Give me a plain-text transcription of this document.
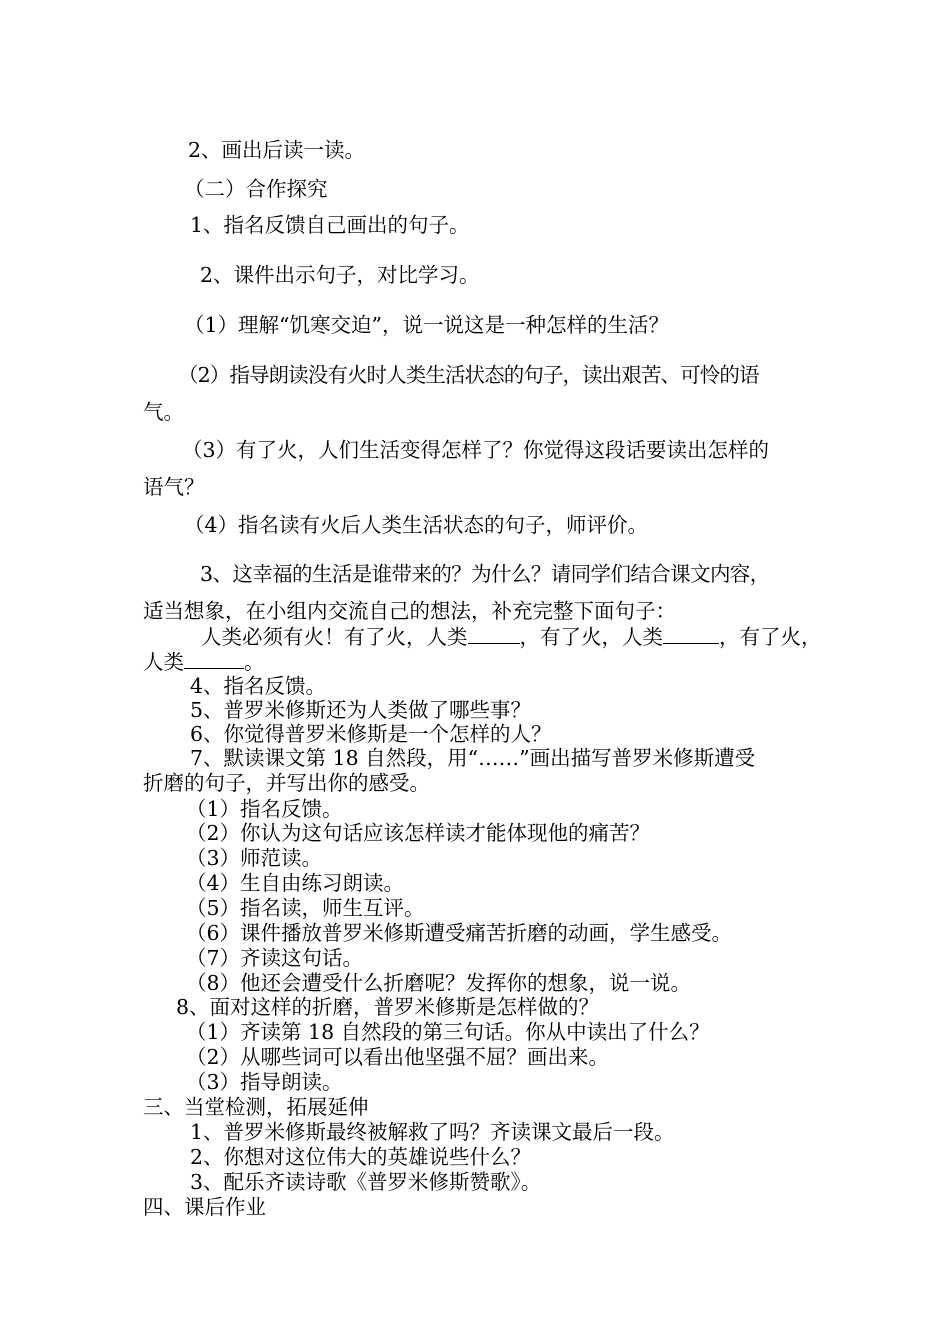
2、画出后读一读。
（二）合作探究
1、指名反馈自己画出的句子。
2、课件出示句子，对比学习。
（1）理解“饥寒交迫”，说一说这是一种怎样的生活？
（2）指导朗读没有火时人类生活状态的句子，读出艰苦、可怜的语
气。
（3）有了火，人们生活变得怎样了？你觉得这段话要读出怎样的
语气？
（4）指名读有火后人类生活状态的句子，师评价。
3、这幸福的生活是谁带来的？为什么？请同学们结合课文内容，
适当想象，在小组内交流自己的想法，补充完整下面句子：
人类必须有火！有了火，人类	，有了火，人类	，有了火，
人类	。
4、指名反馈。
5、普罗米修斯还为人类做了哪些事？
6、你觉得普罗米修斯是一个怎样的人？
7、默读课文第 18 自然段，用“……”画出描写普罗米修斯遭受
折磨的句子，并写出你的感受。
（1）指名反馈。
（2）你认为这句话应该怎样读才能体现他的痛苦？
（3）师范读。
（4）生自由练习朗读。
（5）指名读，师生互评。
（6）课件播放普罗米修斯遭受痛苦折磨的动画，学生感受。
（7）齐读这句话。
（8）他还会遭受什么折磨呢？发挥你的想象，说一说。
8、面对这样的折磨，普罗米修斯是怎样做的？
（1）齐读第 18 自然段的第三句话。你从中读出了什么？
（2）从哪些词可以看出他坚强不屈？画出来。
（3）指导朗读。
三、当堂检测，拓展延伸
1、普罗米修斯最终被解救了吗？齐读课文最后一段。
2、你想对这位伟大的英雄说些什么？
3、配乐齐读诗歌《普罗米修斯赞歌》。
四、课后作业
